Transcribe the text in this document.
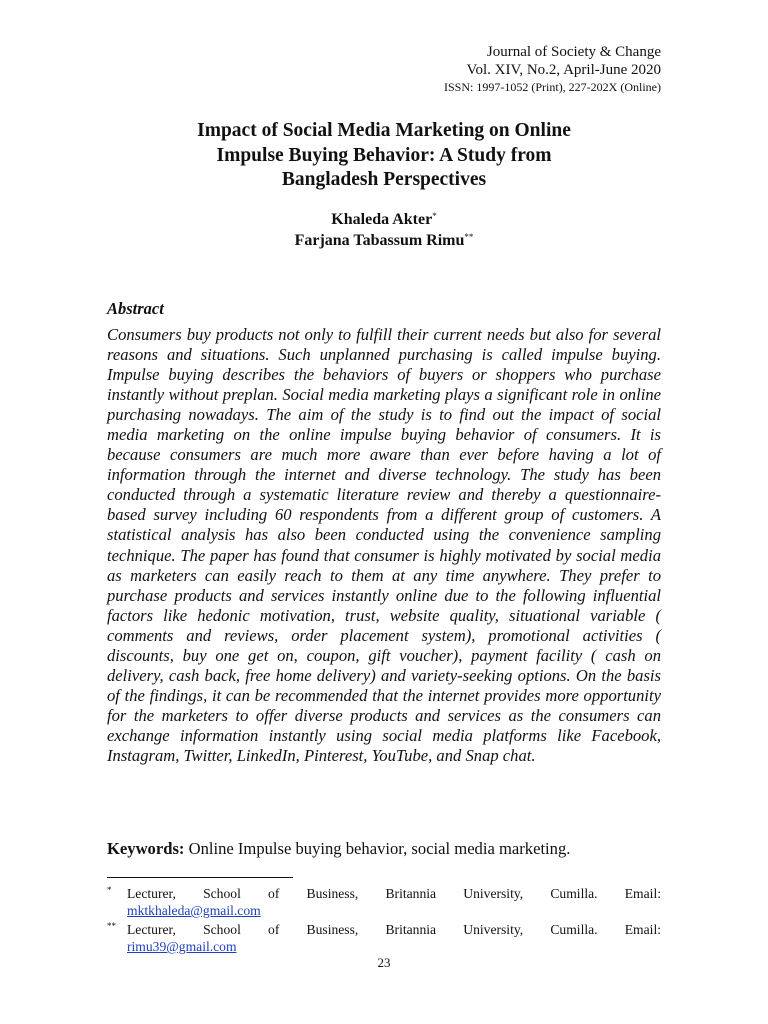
Journal of Society & Change
Vol. XIV, No.2, April-June 2020
ISSN: 1997-1052 (Print), 227-202X (Online)
Impact of Social Media Marketing on Online
Impulse Buying Behavior: A Study from
Bangladesh Perspectives
Khaleda Akter*
Farjana Tabassum Rimu**
Abstract

Consumers buy products not only to fulfill their current needs but also for several reasons and situations. Such unplanned purchasing is called impulse buying. Impulse buying describes the behaviors of buyers or shoppers who purchase instantly without preplan. Social media marketing plays a significant role in online purchasing nowadays. The aim of the study is to find out the impact of social media marketing on the online impulse buying behavior of consumers. It is because consumers are much more aware than ever before having a lot of information through the internet and diverse technology. The study has been conducted through a systematic literature review and thereby a questionnaire-based survey including 60 respondents from a different group of customers. A statistical analysis has also been conducted using the convenience sampling technique. The paper has found that consumer is highly motivated by social media as marketers can easily reach to them at any time anywhere. They prefer to purchase products and services instantly online due to the following influential factors like hedonic motivation, trust, website quality, situational variable ( comments and reviews, order placement system), promotional activities ( discounts, buy one get on, coupon, gift voucher), payment facility ( cash on delivery, cash back, free home delivery) and variety-seeking options. On the basis of the findings, it can be recommended that the internet provides more opportunity for the marketers to offer diverse products and services as the consumers can exchange information instantly using social media platforms like Facebook, Instagram, Twitter, LinkedIn, Pinterest, YouTube, and Snap chat.

Keywords: Online Impulse buying behavior, social media marketing.
* Lecturer, School of Business, Britannia University, Cumilla. Email:
mktkhaleda@gmail.com
** Lecturer, School of Business, Britannia University, Cumilla. Email:
rimu39@gmail.com
23
